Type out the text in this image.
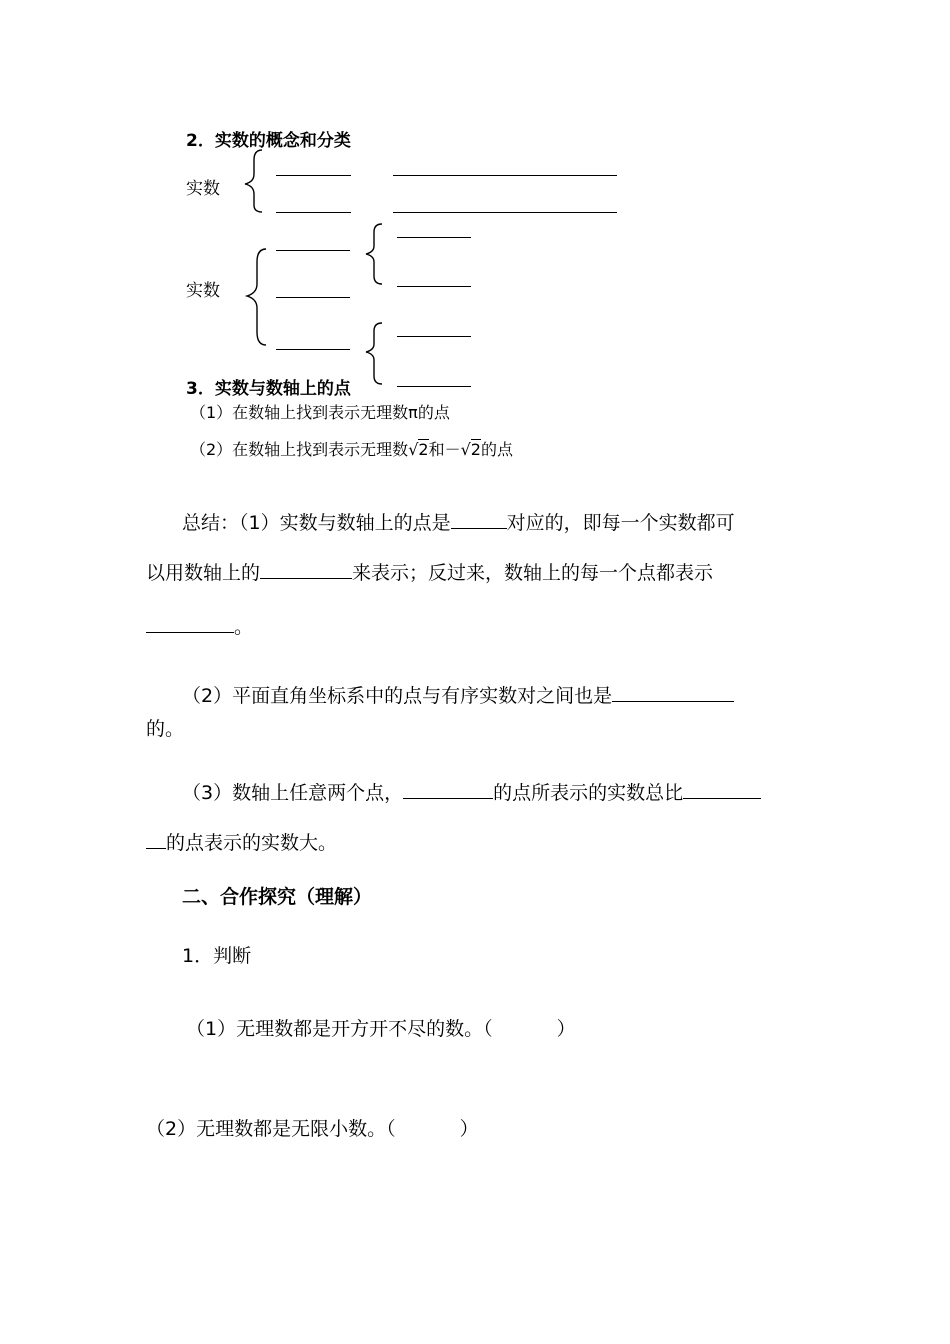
2．实数的概念和分类
实数
实数
3．实数与数轴上的点
（1）在数轴上找到表示无理数π的点
（2）在数轴上找到表示无理数√2和－√2的点
总结：（1）实数与数轴上的点是	对应的，即每一个实数都可
以用数轴上的	来表示；反过来，数轴上的每一个点都表示
。
（2）平面直角坐标系中的点与有序实数对之间也是
的。
（3）数轴上任意两个点，	的点所表示的实数总比
的点表示的实数大。
二、合作探究（理解）
1．判断
（1）无理数都是开方开不尽的数。（	）
（2）无理数都是无限小数。（	）
